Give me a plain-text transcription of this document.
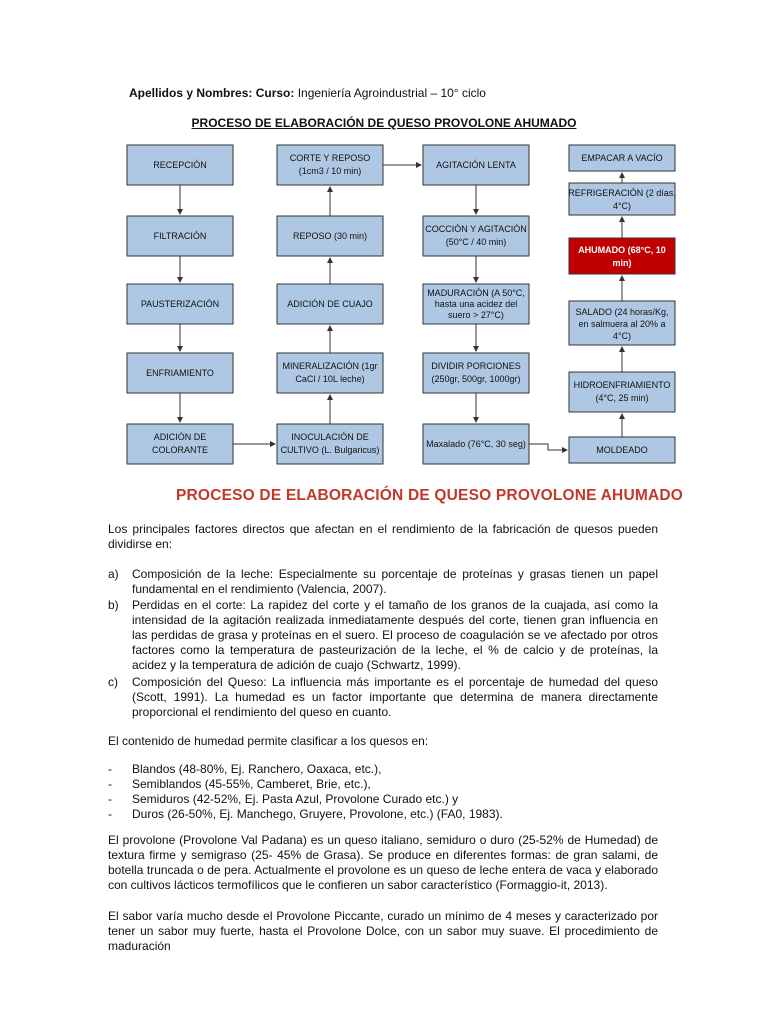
Apellidos y Nombres: Curso: Ingeniería Agroindustrial – 10° ciclo
PROCESO DE ELABORACIÓN DE QUESO PROVOLONE AHUMADO
RECEPCIÓN
FILTRACIÓN
PAUSTERIZACIÓN
ENFRIAMIENTO
ADICIÓN DE
COLORANTE
CORTE Y REPOSO
(1cm3 / 10 min)
REPOSO (30 min)
ADICIÓN DE CUAJO
MINERALIZACIÓN (1gr
CaCl / 10L leche)
INOCULACIÓN DE
CULTIVO (L. Bulgaricus)
AGITACIÓN LENTA
COCCIÓN Y AGITACIÓN
(50°C / 40 min)
MADURACIÓN (A 50°C,
hasta una acidez del
suero > 27°C)
DIVIDIR PORCIONES
(250gr, 500gr, 1000gr)
Maxalado (76°C, 30 seg)
EMPACAR A VACÍO
REFRIGERACIÓN (2 días,
4°C)
AHUMADO (68°C, 10
min)
SALADO (24 horas/Kg,
en salmuera al 20% a
4°C)
HIDROENFRIAMIENTO
(4°C, 25 min)
MOLDEADO
PROCESO DE ELABORACIÓN DE QUESO PROVOLONE AHUMADO
Los principales factores directos que afectan en el rendimiento de la fabricación de quesos pueden dividirse en:
a) Composición de la leche: Especialmente su porcentaje de proteínas y grasas tienen un papel fundamental en el rendimiento (Valencia, 2007).
b) Perdidas en el corte: La rapidez del corte y el tamaño de los granos de la cuajada, así como la intensidad de la agitación realizada inmediatamente después del corte, tienen gran influencia en las perdidas de grasa y proteínas en el suero. El proceso de coagulación se ve afectado por otros factores como la temperatura de pasteurización de la leche, el % de calcio y de proteínas, la acidez y la temperatura de adición de cuajo (Schwartz, 1999).
c) Composición del Queso: La influencia más importante es el porcentaje de humedad del queso (Scott, 1991). La humedad es un factor importante que determina de manera directamente proporcional el rendimiento del queso en cuanto.
El contenido de humedad permite clasificar a los quesos en:
- Blandos (48-80%, Ej. Ranchero, Oaxaca, etc.),
- Semiblandos (45-55%, Camberet, Brie, etc.),
- Semiduros (42-52%, Ej. Pasta Azul, Provolone Curado etc.) y
- Duros (26-50%, Ej. Manchego, Gruyere, Provolone, etc.) (FA0, 1983).
El provolone (Provolone Val Padana) es un queso italiano, semiduro o duro (25-52% de Humedad) de textura firme y semigraso (25- 45% de Grasa). Se produce en diferentes formas: de gran salami, de botella truncada o de pera. Actualmente el provolone es un queso de leche entera de vaca y elaborado con cultivos lácticos termofílicos que le confieren un sabor característico (Formaggio-it, 2013).
El sabor varía mucho desde el Provolone Piccante, curado un mínimo de 4 meses y caracterizado por tener un sabor muy fuerte, hasta el Provolone Dolce, con un sabor muy suave. El procedimiento de maduración
